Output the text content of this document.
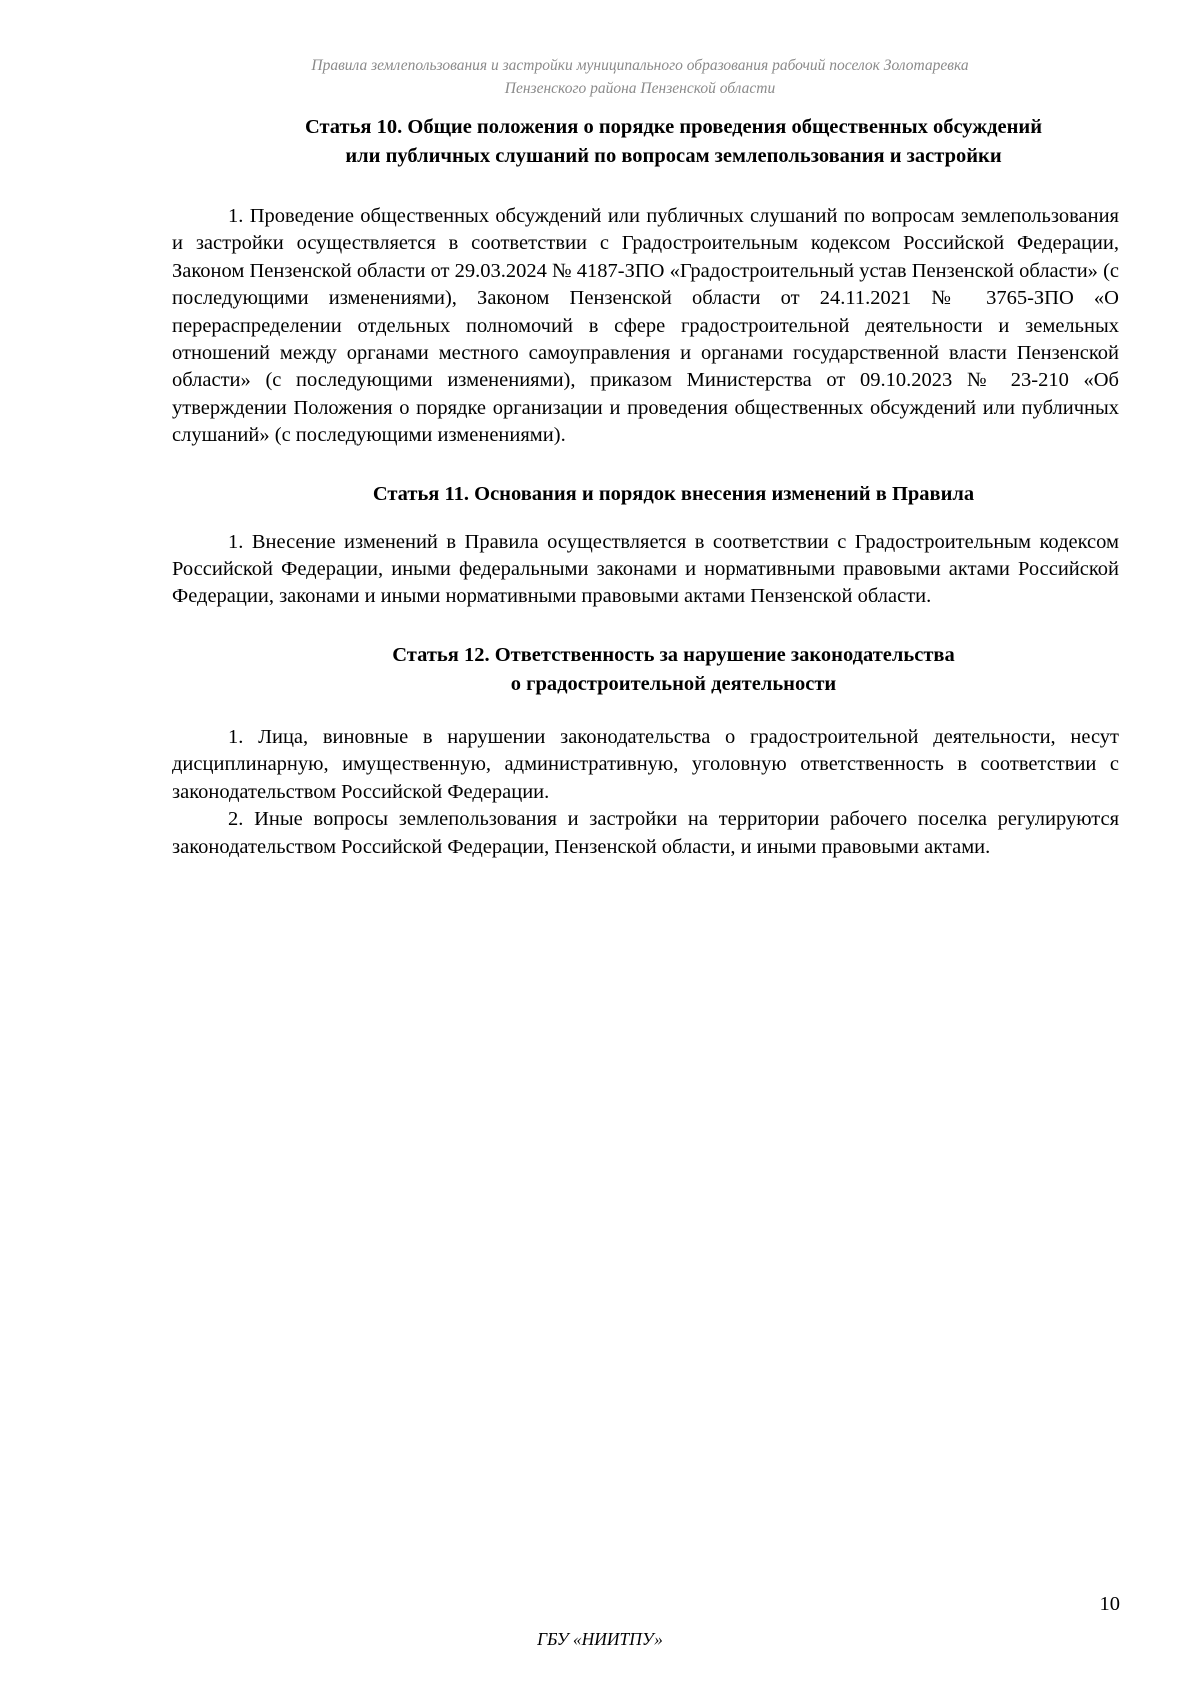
Правила землепользования и застройки муниципального образования рабочий поселок Золотаревка
Пензенского района Пензенской области
Статья 10. Общие положения о порядке проведения общественных обсуждений
или публичных слушаний по вопросам землепользования и застройки

1. Проведение общественных обсуждений или публичных слушаний по вопросам землепользования и застройки осуществляется в соответствии с Градостроительным кодексом Российской Федерации, Законом Пензенской области от 29.03.2024 № 4187-ЗПО «Градостроительный устав Пензенской области» (с последующими изменениями), Законом Пензенской области от 24.11.2021 № 3765-ЗПО «О перераспределении отдельных полномочий в сфере градостроительной деятельности и земельных отношений между органами местного самоуправления и органами государственной власти Пензенской области» (с последующими изменениями), приказом Министерства от 09.10.2023 № 23-210 «Об утверждении Положения о порядке организации и проведения общественных обсуждений или публичных слушаний» (с последующими изменениями).

Статья 11. Основания и порядок внесения изменений в Правила

1. Внесение изменений в Правила осуществляется в соответствии с Градостроительным кодексом Российской Федерации, иными федеральными законами и нормативными правовыми актами Российской Федерации, законами и иными нормативными правовыми актами Пензенской области.

Статья 12. Ответственность за нарушение законодательства
о градостроительной деятельности

1. Лица, виновные в нарушении законодательства о градостроительной деятельности, несут дисциплинарную, имущественную, административную, уголовную ответственность в соответствии с законодательством Российской Федерации.

2. Иные вопросы землепользования и застройки на территории рабочего поселка регулируются законодательством Российской Федерации, Пензенской области, и иными правовыми актами.

10
ГБУ «НИИТПУ»
